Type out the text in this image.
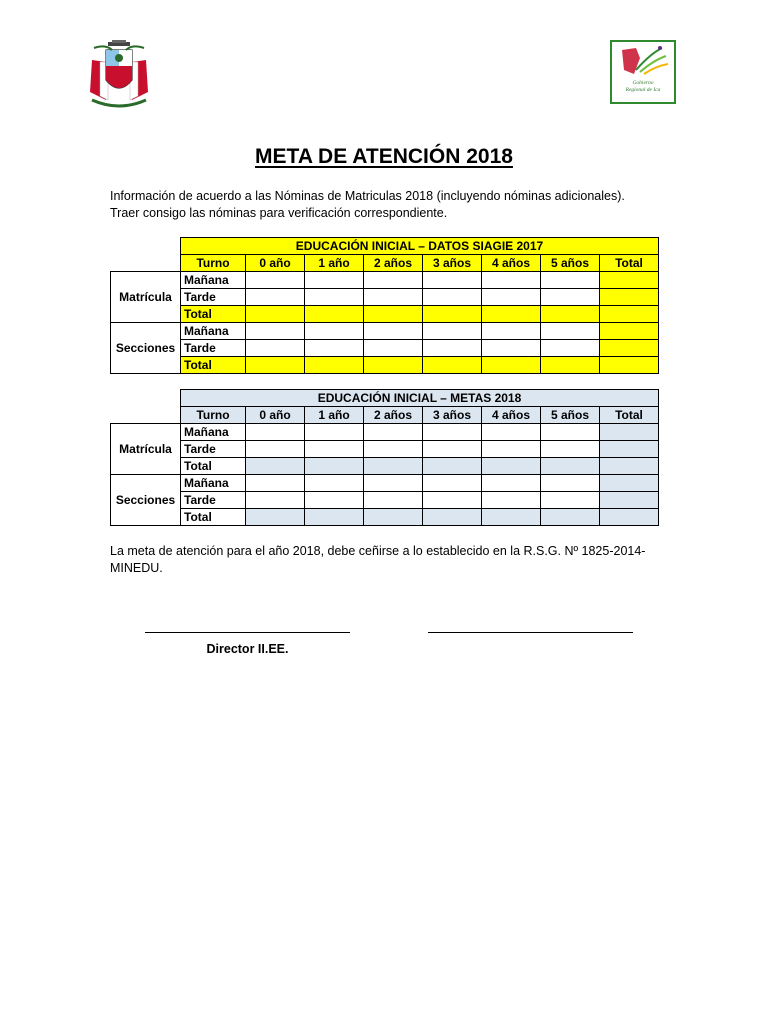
Gobierno Regional de Ica
META DE ATENCIÓN 2018
Información de acuerdo a las Nóminas de Matriculas 2018 (incluyendo nóminas adicionales).
Traer consigo las nóminas para verificación correspondiente.
	EDUCACIÓN INICIAL – DATOS SIAGIE 2017							
	Turno	0 año	1 año	2 años	3 años	4 años	5 años	Total
Matrícula	Mañana							
	Tarde							
	Total							
Secciones	Mañana							
	Tarde							
	Total							
	EDUCACIÓN INICIAL – METAS 2018							
	Turno	0 año	1 año	2 años	3 años	4 años	5 años	Total
Matrícula	Mañana							
	Tarde							
	Total							
Secciones	Mañana							
	Tarde							
	Total							
La meta de atención para el año 2018, debe ceñirse a lo establecido en la R.S.G. Nº 1825-2014-MINEDU.
Director II.EE.
